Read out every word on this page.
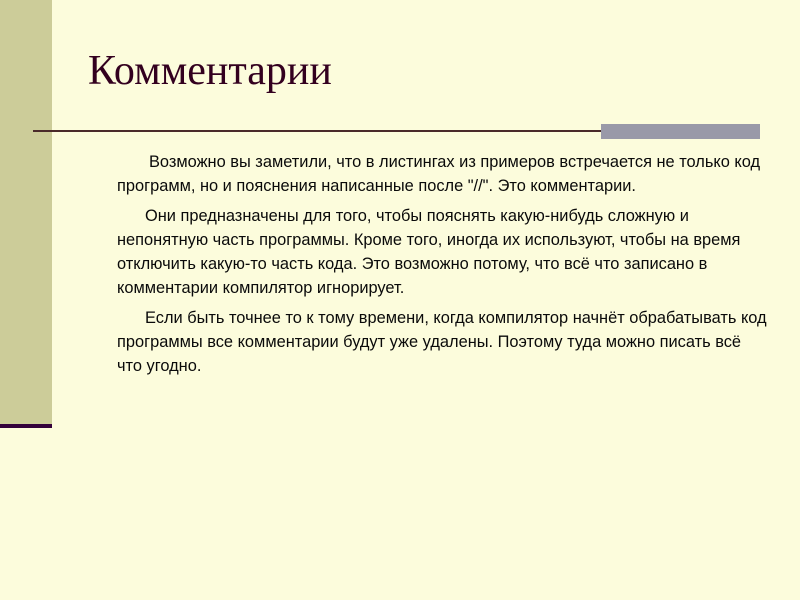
Комментарии

Возможно вы заметили, что в листингах из примеров встречается не только код программ, но и пояснения написанные после "//". Это комментарии.

Они предназначены для того, чтобы пояснять какую-нибудь сложную и непонятную часть программы. Кроме того, иногда их используют, чтобы на время отключить какую-то часть кода. Это возможно потому, что всё что записано в комментарии компилятор игнорирует.

Если быть точнее то к тому времени, когда компилятор начнёт обрабатывать код программы все комментарии будут уже удалены. Поэтому туда можно писать всё что угодно.
